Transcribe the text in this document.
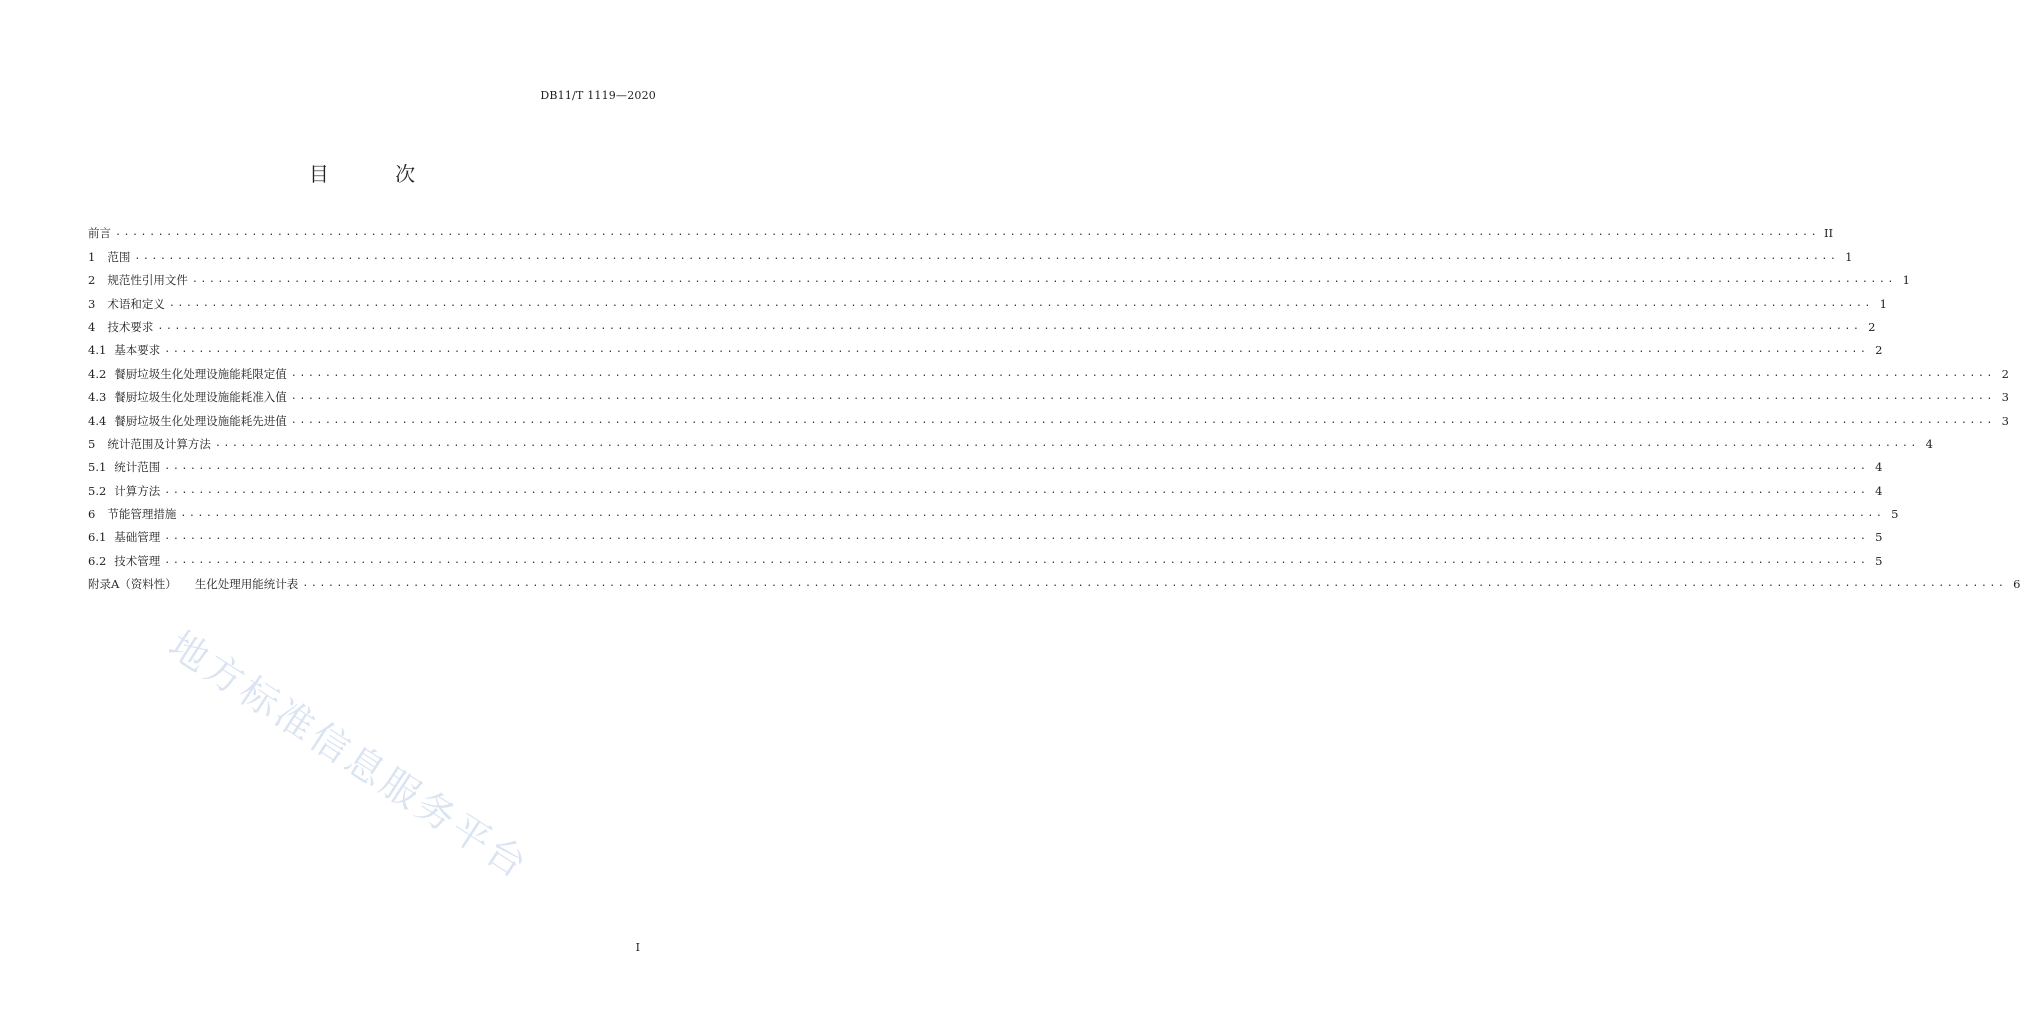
DB11/T 1119—2020
目 次
前言 ........................................................................................................................................................................................................ II
1	范围 ........................................................................................................................................................................................................ 1
2	规范性引用文件 ........................................................................................................................................................................................................ 1
3	术语和定义 ........................................................................................................................................................................................................ 1
4	技术要求 ........................................................................................................................................................................................................ 2
4.1 基本要求 ........................................................................................................................................................................................................ 2
4.2 餐厨垃圾生化处理设施能耗限定值 ........................................................................................................................................................................................................ 2
4.3 餐厨垃圾生化处理设施能耗准入值 ........................................................................................................................................................................................................ 3
4.4 餐厨垃圾生化处理设施能耗先进值 ........................................................................................................................................................................................................ 3
5	统计范围及计算方法 ........................................................................................................................................................................................................ 4
5.1 统计范围 ........................................................................................................................................................................................................ 4
5.2 计算方法 ........................................................................................................................................................................................................ 4
6	节能管理措施 ........................................................................................................................................................................................................ 5
6.1 基础管理 ........................................................................................................................................................................................................ 5
6.2 技术管理 ........................................................................................................................................................................................................ 5
附录A（资料性）	生化处理用能统计表 ........................................................................................................................................................................................................ 6
地方标准信息服务平台
I
